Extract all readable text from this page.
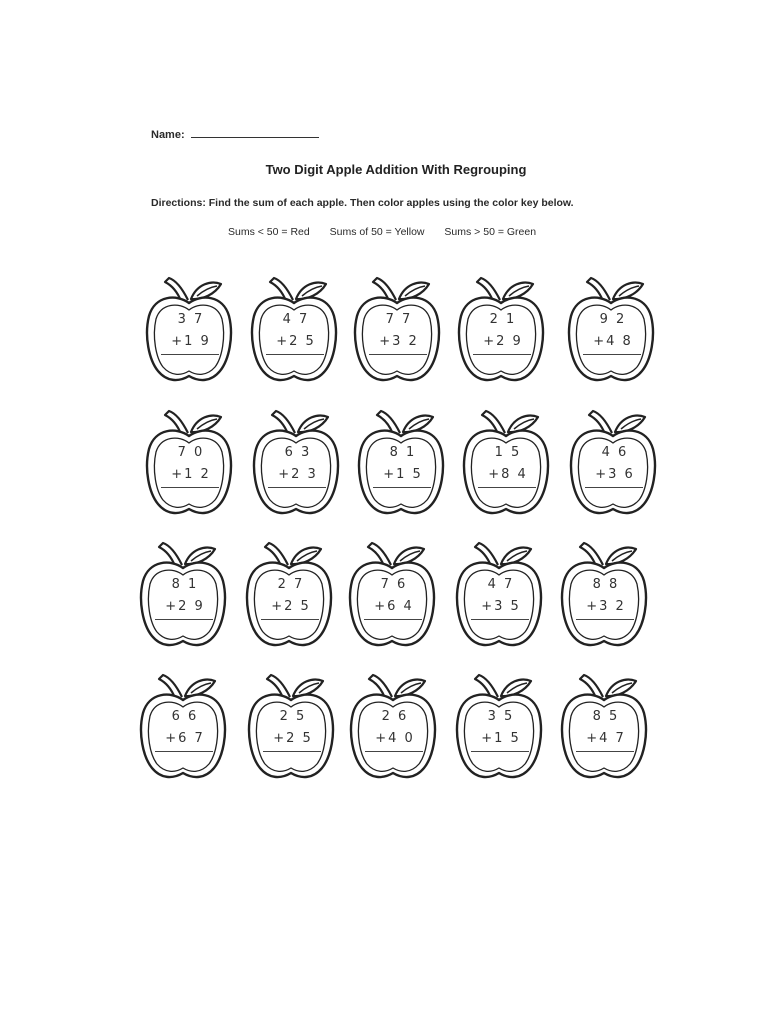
Name:
Two Digit Apple Addition With Regrouping
Directions: Find the sum of each apple. Then color apples using the color key below.
Sums < 50 = Red Sums of 50 = Yellow Sums > 50 = Green
3 7
+1 9
4 7
+2 5
7 7
+3 2
2 1
+2 9
9 2
+4 8
7 0
+1 2
6 3
+2 3
8 1
+1 5
1 5
+8 4
4 6
+3 6
8 1
+2 9
2 7
+2 5
7 6
+6 4
4 7
+3 5
8 8
+3 2
6 6
+6 7
2 5
+2 5
2 6
+4 0
3 5
+1 5
8 5
+4 7
